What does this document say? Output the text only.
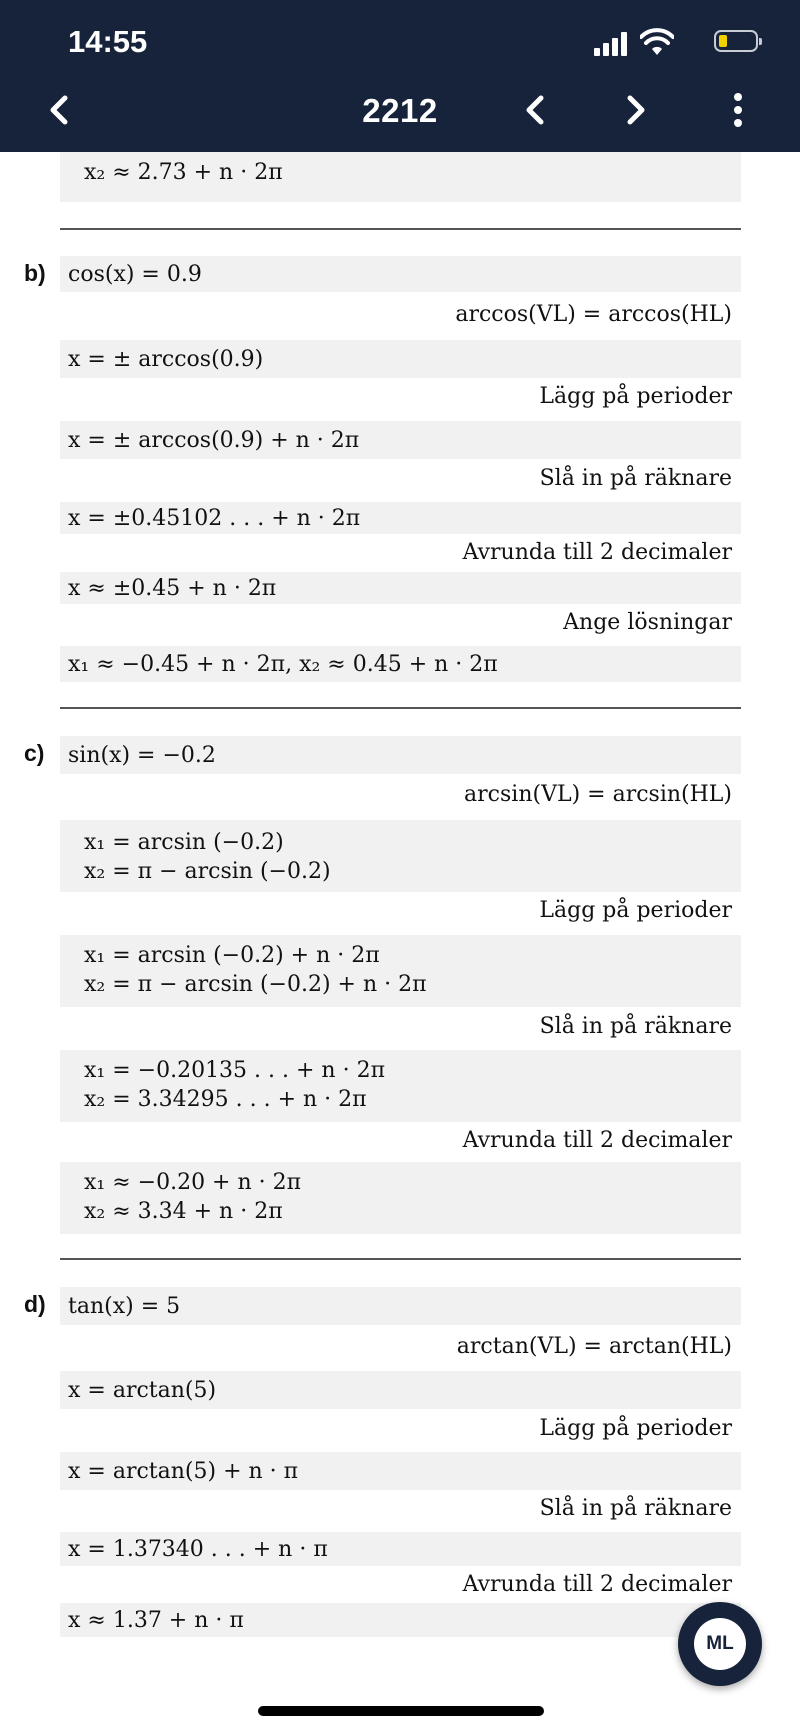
x₂ ≈ 2.73 + n · 2π
b) cos(x) = 0.9
arccos(VL) = arccos(HL)
x = ± arccos(0.9)
Lägg på perioder
x = ± arccos(0.9) + n · 2π
Slå in på räknare
x = ±0.45102 . . . + n · 2π
Avrunda till 2 decimaler
x ≈ ±0.45 + n · 2π
Ange lösningar
x₁ ≈ −0.45 + n · 2π, x₂ ≈ 0.45 + n · 2π
c) sin(x) = −0.2
arcsin(VL) = arcsin(HL)
x₁ = arcsin (−0.2)
x₂ = π − arcsin (−0.2)
Lägg på perioder
x₁ = arcsin (−0.2) + n · 2π
x₂ = π − arcsin (−0.2) + n · 2π
Slå in på räknare
x₁ = −0.20135 . . . + n · 2π
x₂ = 3.34295 . . . + n · 2π
Avrunda till 2 decimaler
x₁ ≈ −0.20 + n · 2π
x₂ ≈ 3.34 + n · 2π
d) tan(x) = 5
arctan(VL) = arctan(HL)
x = arctan(5)
Lägg på perioder
x = arctan(5) + n · π
Slå in på räknare
x = 1.37340 . . . + n · π
Avrunda till 2 decimaler
x ≈ 1.37 + n · π
14:55
2212
ML
